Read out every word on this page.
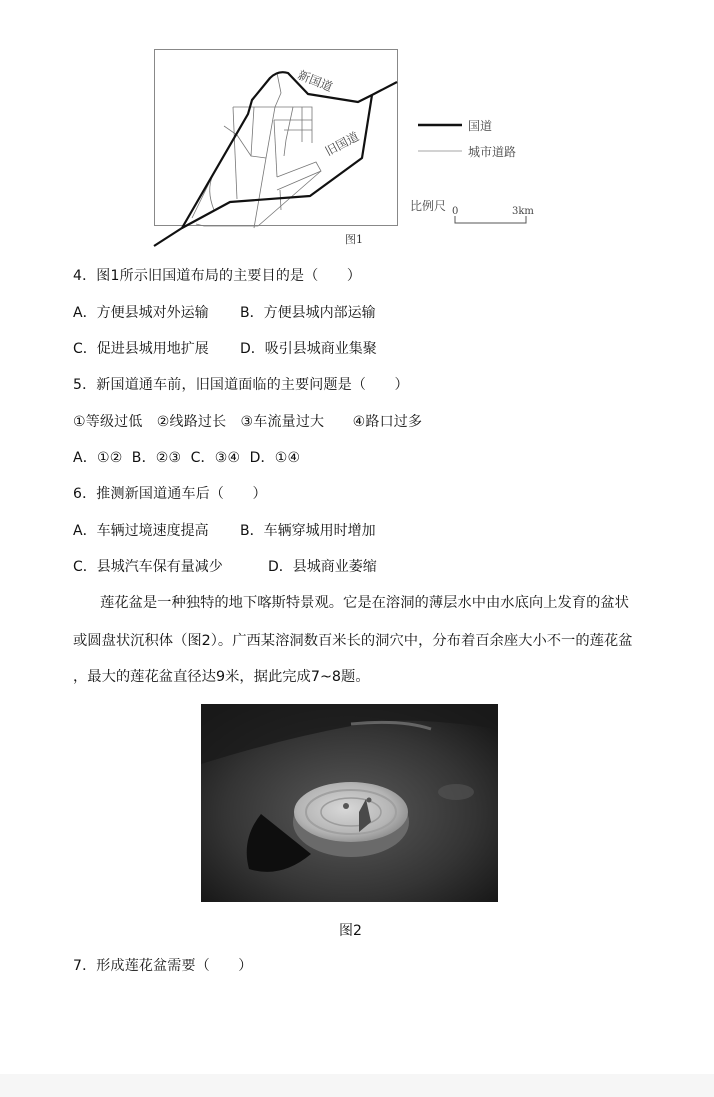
新国道
旧国道
国道
城市道路
比例尺 0	3km
图1
4．图1所示旧国道布局的主要目的是（　　）
A．方便县城对外运输 B．方便县城内部运输
C．促进县城用地扩展 D．吸引县城商业集聚
5．新国道通车前，旧国道面临的主要问题是（　　）
①等级过低　②线路过长　③车流量过大　　④路口过多
A．①②  B．②③  C．③④  D．①④
6．推测新国道通车后（　　）
A．车辆过境速度提高 B．车辆穿城用时增加
C．县城汽车保有量减少	D．县城商业萎缩
莲花盆是一种独特的地下喀斯特景观。它是在溶洞的薄层水中由水底向上发育的盆状
或圆盘状沉积体（图2）。广西某溶洞数百米长的洞穴中，分布着百余座大小不一的莲花盆
，最大的莲花盆直径达9米，据此完成7~8题。
图2
7．形成莲花盆需要（　　）
